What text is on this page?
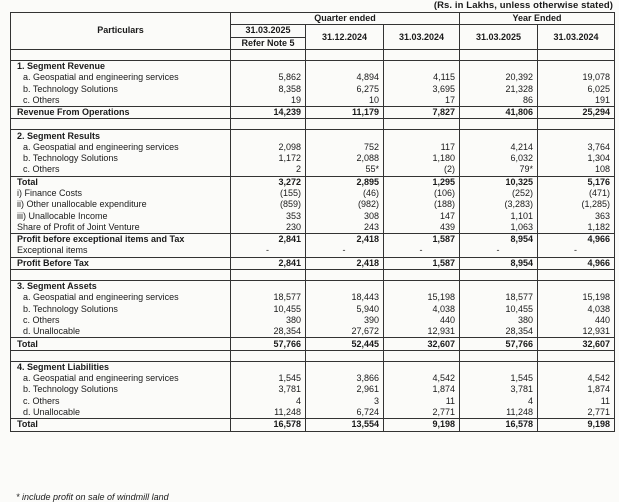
(Rs. in Lakhs, unless otherwise stated)
Particulars	Quarter ended			Year Ended	
	31.03.2025	31.12.2024	31.03.2024	31.03.2025	31.03.2024
	Refer Note 5				

1. Segment Revenue					
a. Geospatial and engineering services	5,862	4,894	4,115	20,392	19,078
b. Technology Solutions	8,358	6,275	3,695	21,328	6,025
c. Others	19	10	17	86	191
Revenue From Operations	14,239	11,179	7,827	41,806	25,294

2. Segment Results					
a. Geospatial and engineering services	2,098	752	117	4,214	3,764
b. Technology Solutions	1,172	2,088	1,180	6,032	1,304
c. Others	2	55*	(2)	79*	108
Total	3,272	2,895	1,295	10,325	5,176
i) Finance Costs	(155)	(46)	(106)	(252)	(471)
ii) Other unallocable expenditure	(859)	(982)	(188)	(3,283)	(1,285)
iii) Unallocable Income	353	308	147	1,101	363
Share of Profit of Joint Venture	230	243	439	1,063	1,182
Profit before exceptional items and Tax	2,841	2,418	1,587	8,954	4,966
Exceptional items	-	-	-	-	-
Profit Before Tax	2,841	2,418	1,587	8,954	4,966

3. Segment Assets					
a. Geospatial and engineering services	18,577	18,443	15,198	18,577	15,198
b. Technology Solutions	10,455	5,940	4,038	10,455	4,038
c. Others	380	390	440	380	440
d. Unallocable	28,354	27,672	12,931	28,354	12,931
Total	57,766	52,445	32,607	57,766	32,607

4. Segment Liabilities					
a. Geospatial and engineering services	1,545	3,866	4,542	1,545	4,542
b. Technology Solutions	3,781	2,961	1,874	3,781	1,874
c. Others	4	3	11	4	11
d. Unallocable	11,248	6,724	2,771	11,248	2,771
Total	16,578	13,554	9,198	16,578	9,198
* include profit on sale of windmill land
